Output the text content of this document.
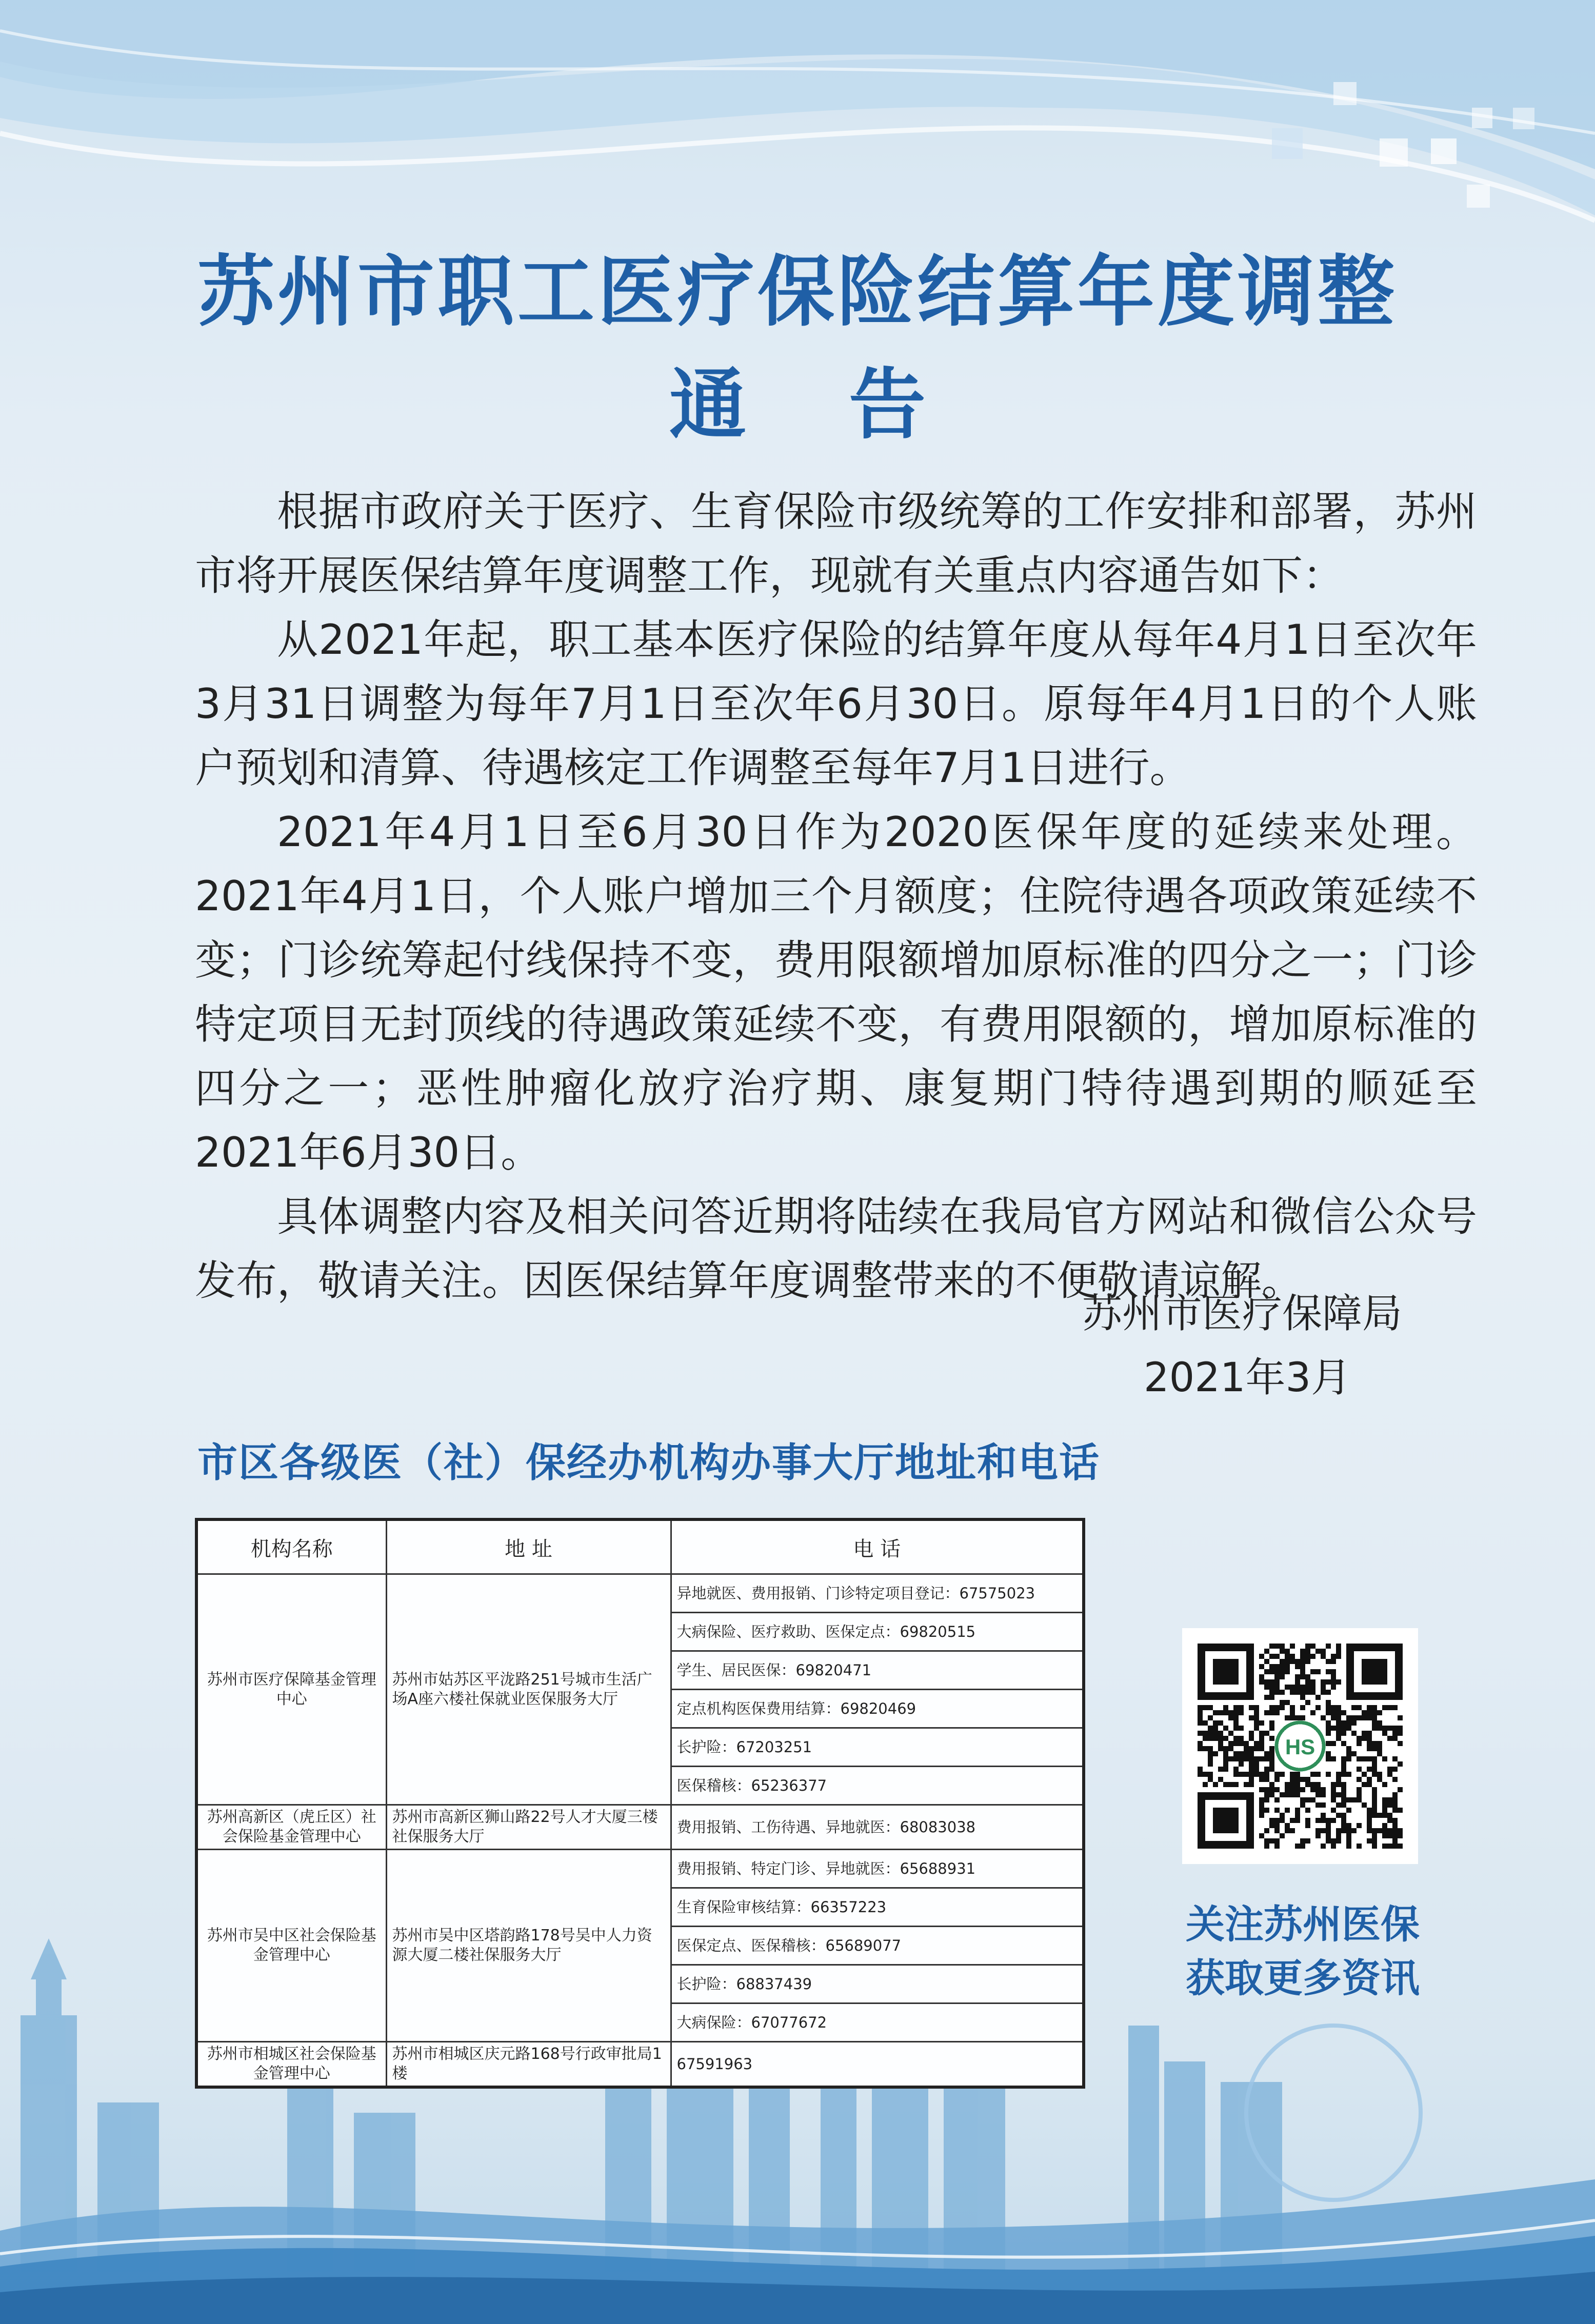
苏州市职工医疗保险结算年度调整
通告

根据市政府关于医疗、生育保险市级统筹的工作安排和部署，苏州市将开展医保结算年度调整工作，现就有关重点内容通告如下：

从2021年起，职工基本医疗保险的结算年度从每年4月1日至次年3月31日调整为每年7月1日至次年6月30日。原每年4月1日的个人账户预划和清算、待遇核定工作调整至每年7月1日进行。

2021年4月1日至6月30日作为2020医保年度的延续来处理。2021年4月1日，个人账户增加三个月额度；住院待遇各项政策延续不变；门诊统筹起付线保持不变，费用限额增加原标准的四分之一；门诊特定项目无封顶线的待遇政策延续不变，有费用限额的，增加原标准的四分之一；恶性肿瘤化放疗治疗期、康复期门特待遇到期的顺延至2021年6月30日。

具体调整内容及相关问答近期将陆续在我局官方网站和微信公众号发布，敬请关注。因医保结算年度调整带来的不便敬请谅解。

苏州市医疗保障局
2021年3月
市区各级医（社）保经办机构办事大厅地址和电话
机构名称	地 址	电 话
苏州市医疗保障基金管理中心	苏州市姑苏区平泷路251号城市生活广场A座六楼社保就业医保服务大厅	异地就医、费用报销、门诊特定项目登记：67575023
		大病保险、医疗救助、医保定点：69820515
		学生、居民医保：69820471
		定点机构医保费用结算：69820469
		长护险：67203251
		医保稽核：65236377
苏州高新区（虎丘区）社会保险基金管理中心	苏州市高新区狮山路22号人才大厦三楼社保服务大厅	费用报销、工伤待遇、异地就医：68083038
苏州市吴中区社会保险基金管理中心	苏州市吴中区塔韵路178号吴中人力资源大厦二楼社保服务大厅	费用报销、特定门诊、异地就医：65688931
		生育保险审核结算：66357223
		医保定点、医保稽核：65689077
		长护险：68837439
		大病保险：67077672
苏州市相城区社会保险基金管理中心	苏州市相城区庆元路168号行政审批局1楼	67591963
HS
关注苏州医保
获取更多资讯
